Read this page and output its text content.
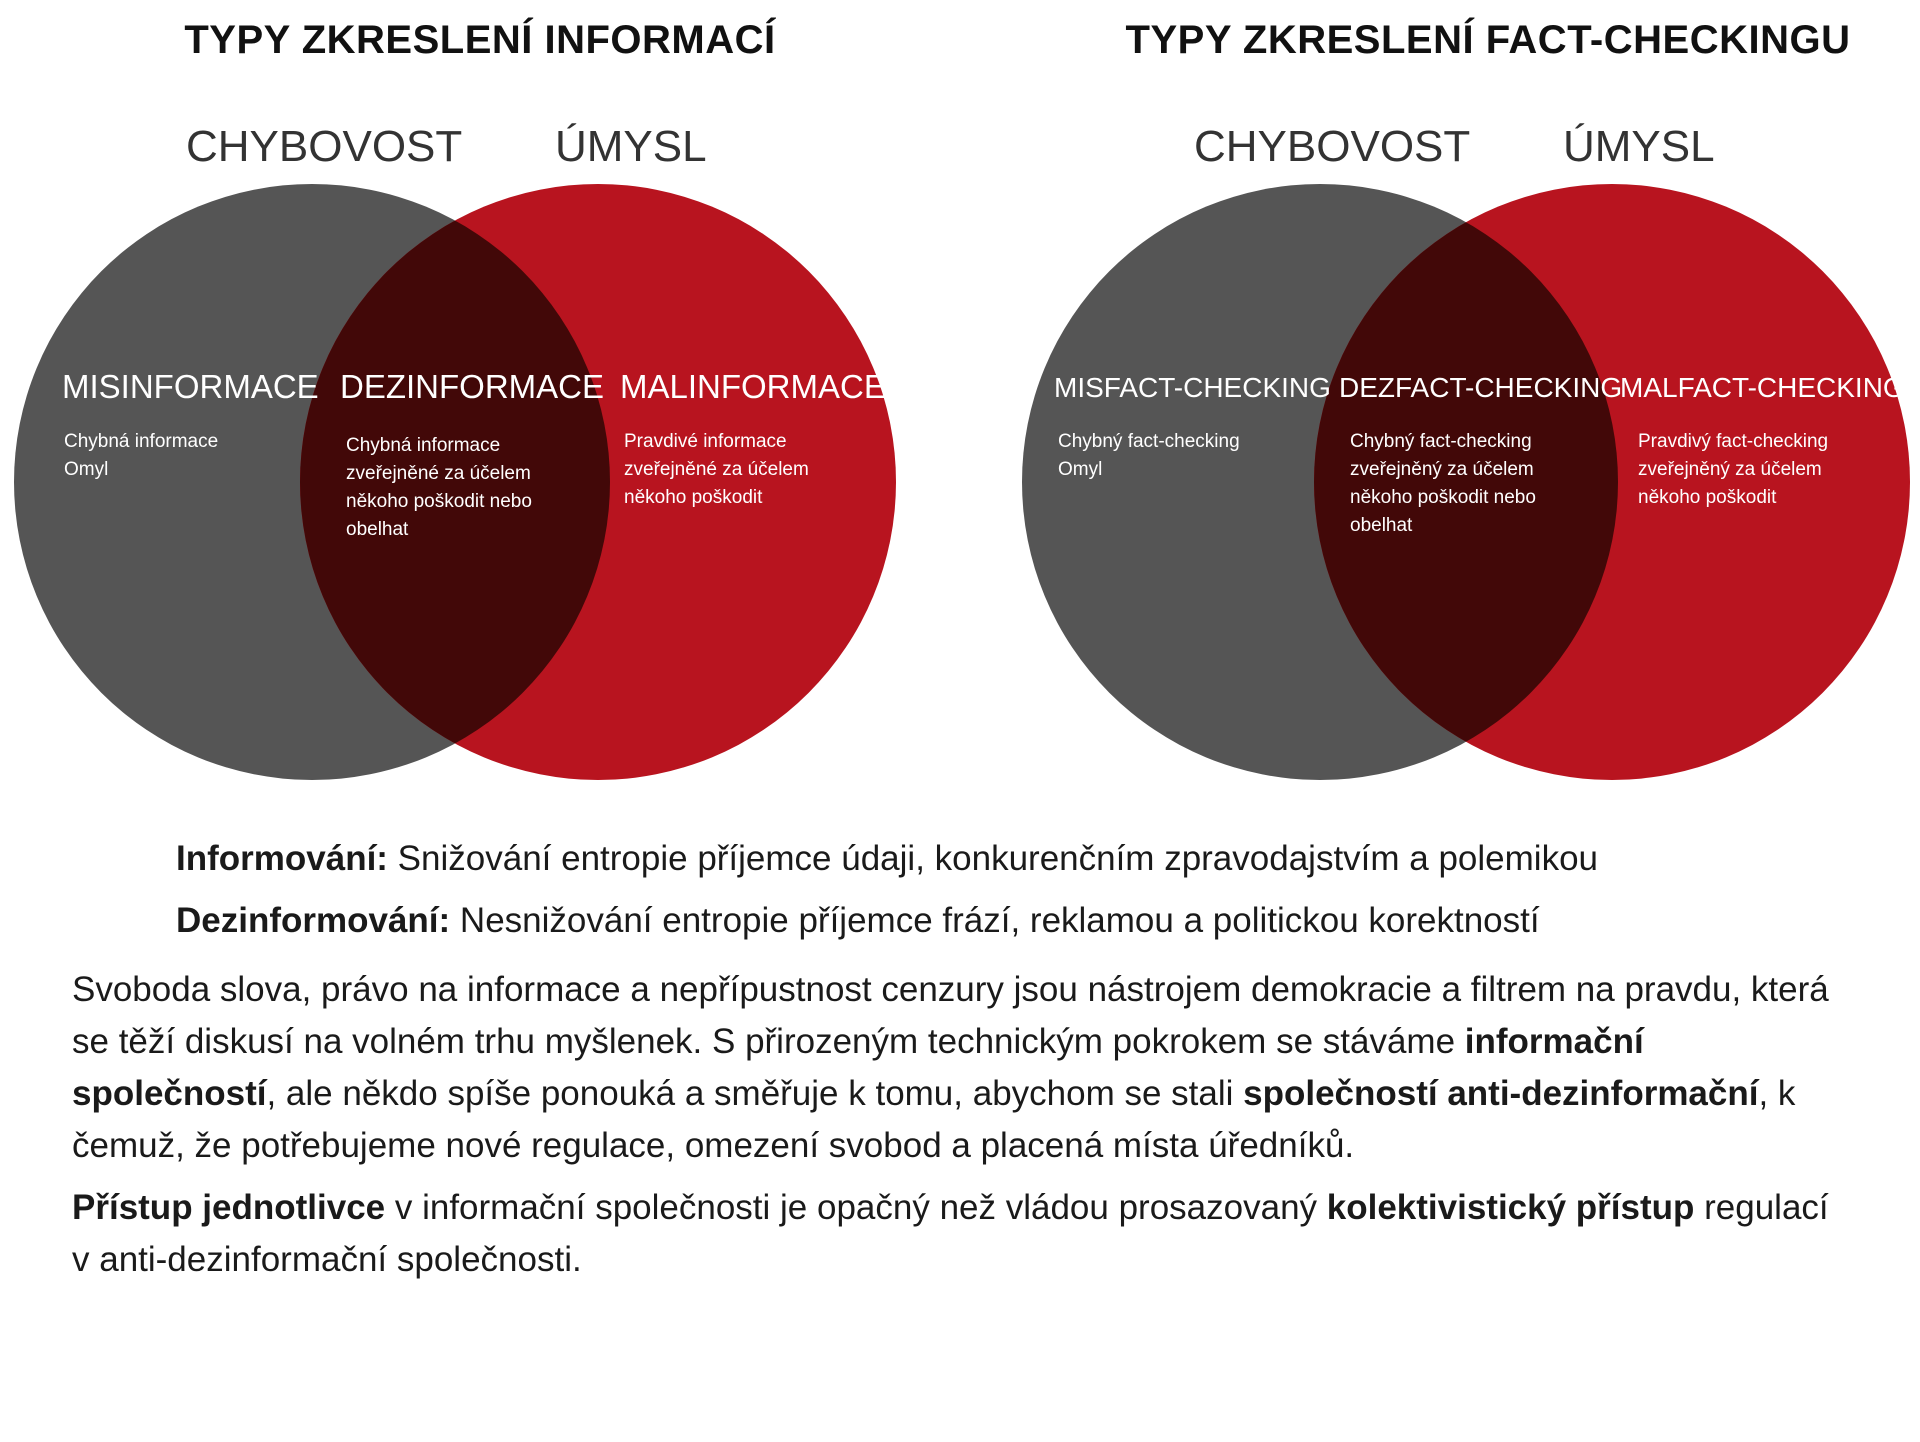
TYPY ZKRESLENÍ INFORMACÍ
CHYBOVOST ÚMYSL
MISINFORMACE
Chybná informace
Omyl
DEZINFORMACE
Chybná informace
zveřejněné za účelem
někoho poškodit nebo
obelhat
MALINFORMACE
Pravdivé informace
zveřejněné za účelem
někoho poškodit
TYPY ZKRESLENÍ FACT-CHECKINGU
CHYBOVOST ÚMYSL
MISFACT-CHECKING
Chybný fact-checking
Omyl
DEZFACT-CHECKING
Chybný fact-checking
zveřejněný za účelem
někoho poškodit nebo
obelhat
MALFACT-CHECKING
Pravdivý fact-checking
zveřejněný za účelem
někoho poškodit
Informování: Snižování entropie příjemce údaji, konkurenčním zpravodajstvím a polemikou
Dezinformování: Nesnižování entropie příjemce frází, reklamou a politickou korektností

Svoboda slova, právo na informace a nepřípustnost cenzury jsou nástrojem demokracie a filtrem na pravdu, která se těží diskusí na volném trhu myšlenek. S přirozeným technickým pokrokem se stáváme informační společností, ale někdo spíše ponouká a směřuje k tomu, abychom se stali společností anti-dezinformační, k čemuž, že potřebujeme nové regulace, omezení svobod a placená místa úředníků.

Přístup jednotlivce v informační společnosti je opačný než vládou prosazovaný kolektivistický přístup regulací v anti-dezinformační společnosti.
